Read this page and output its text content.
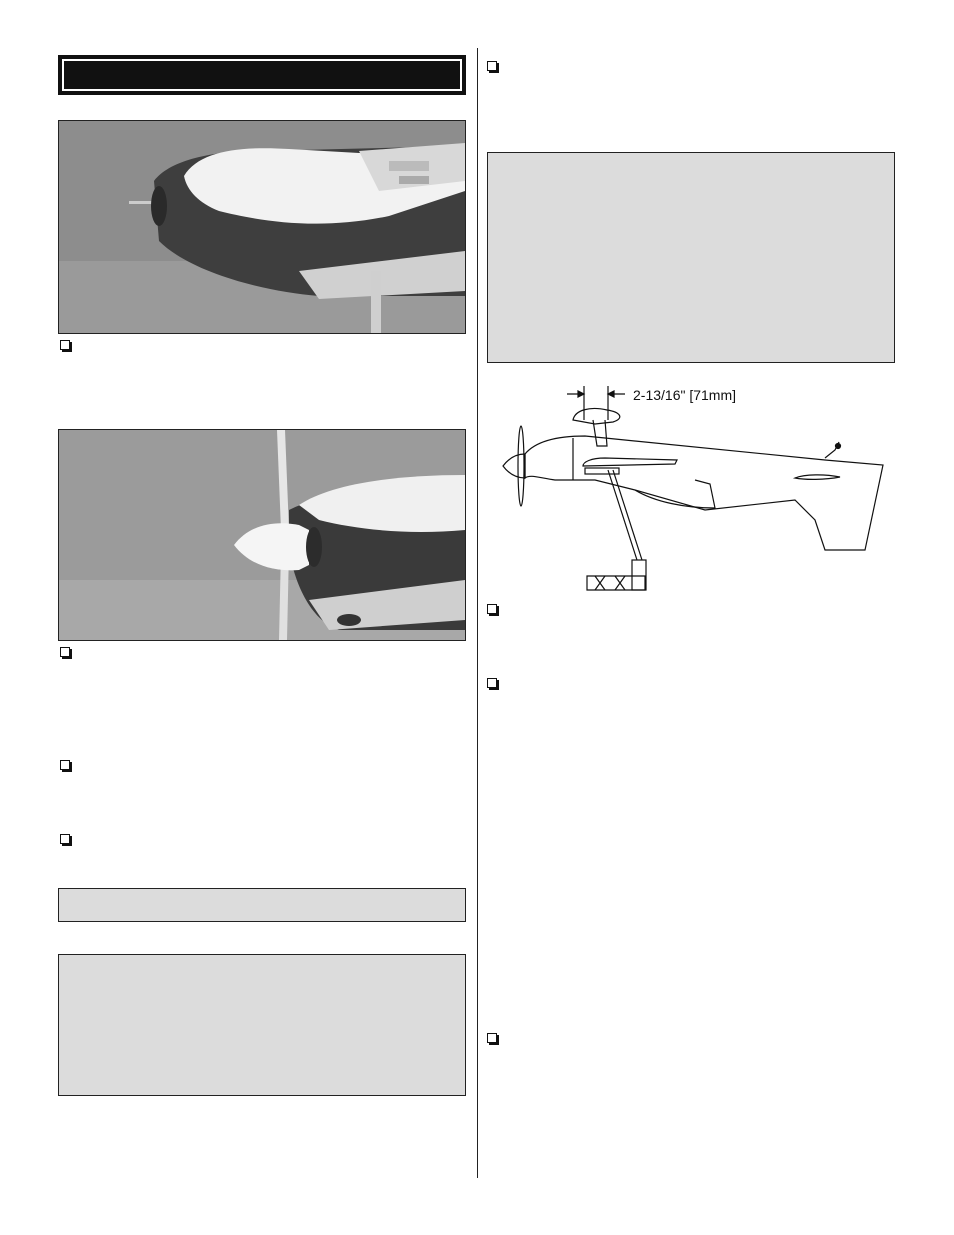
2-13/16" [71mm]
